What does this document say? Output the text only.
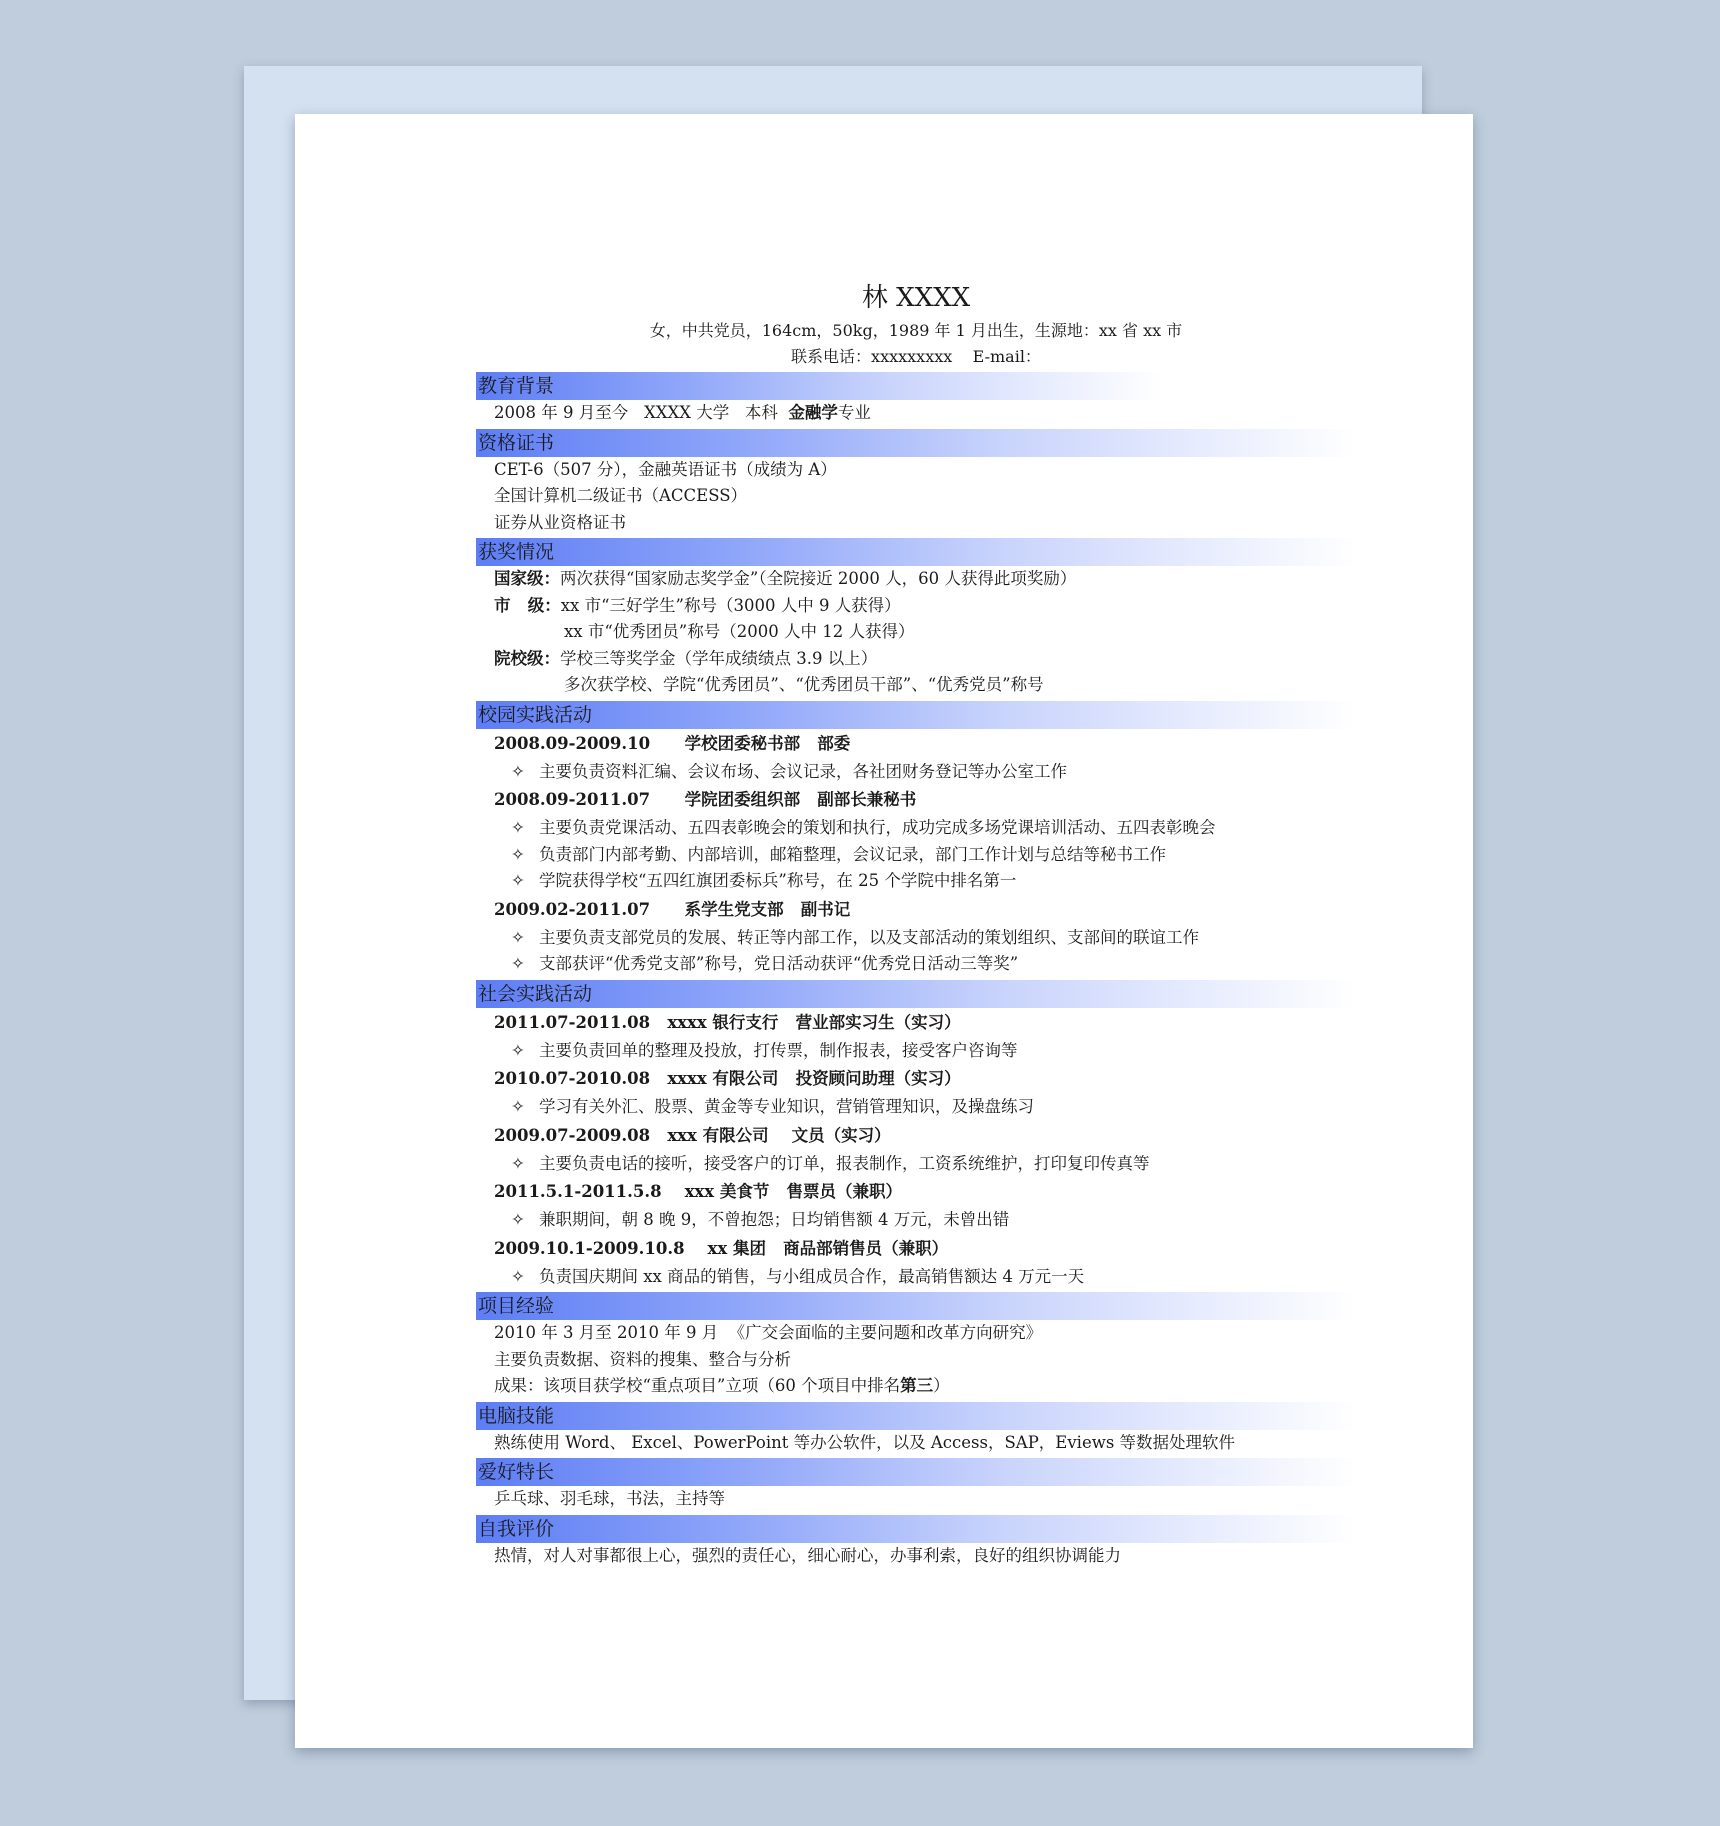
林 XXXX
女，中共党员，164cm，50kg，1989 年 1 月出生，生源地：xx 省 xx 市
联系电话：xxxxxxxxx    E-mail：
教育背景
2008 年 9 月至今   XXXX 大学   本科  金融学专业
资格证书
CET-6（507 分），金融英语证书（成绩为 A）
全国计算机二级证书（ACCESS）
证券从业资格证书
获奖情况
国家级：两次获得“国家励志奖学金”（全院接近 2000 人，60 人获得此项奖励）
市   级：xx 市“三好学生”称号（3000 人中 9 人获得）
xx 市“优秀团员”称号（2000 人中 12 人获得）
院校级：学校三等奖学金（学年成绩绩点 3.9 以上）
多次获学校、学院“优秀团员”、“优秀团员干部”、“优秀党员”称号
校园实践活动
2008.09-2009.10      学校团委秘书部   部委
✧ 主要负责资料汇编、会议布场、会议记录，各社团财务登记等办公室工作
2008.09-2011.07      学院团委组织部   副部长兼秘书
✧ 主要负责党课活动、五四表彰晚会的策划和执行，成功完成多场党课培训活动、五四表彰晚会
✧ 负责部门内部考勤、内部培训，邮箱整理，会议记录，部门工作计划与总结等秘书工作
✧ 学院获得学校“五四红旗团委标兵”称号，在 25 个学院中排名第一
2009.02-2011.07      系学生党支部   副书记
✧ 主要负责支部党员的发展、转正等内部工作，以及支部活动的策划组织、支部间的联谊工作
✧ 支部获评“优秀党支部”称号，党日活动获评“优秀党日活动三等奖”
社会实践活动
2011.07-2011.08   xxxx 银行支行   营业部实习生（实习）
✧ 主要负责回单的整理及投放，打传票，制作报表，接受客户咨询等
2010.07-2010.08   xxxx 有限公司   投资顾问助理（实习）
✧ 学习有关外汇、股票、黄金等专业知识，营销管理知识，及操盘练习
2009.07-2009.08   xxx 有限公司    文员（实习）
✧ 主要负责电话的接听，接受客户的订单，报表制作，工资系统维护，打印复印传真等
2011.5.1-2011.5.8    xxx 美食节   售票员（兼职）
✧ 兼职期间，朝 8 晚 9，不曾抱怨；日均销售额 4 万元，未曾出错
2009.10.1-2009.10.8    xx 集团   商品部销售员（兼职）
✧ 负责国庆期间 xx 商品的销售，与小组成员合作，最高销售额达 4 万元一天
项目经验
2010 年 3 月至 2010 年 9 月  《广交会面临的主要问题和改革方向研究》
主要负责数据、资料的搜集、整合与分析
成果：该项目获学校“重点项目”立项（60 个项目中排名第三）
电脑技能
熟练使用 Word、 Excel、PowerPoint 等办公软件，以及 Access，SAP，Eviews 等数据处理软件
爱好特长
乒乓球、羽毛球，书法，主持等
自我评价
热情，对人对事都很上心，强烈的责任心，细心耐心，办事利索，良好的组织协调能力
